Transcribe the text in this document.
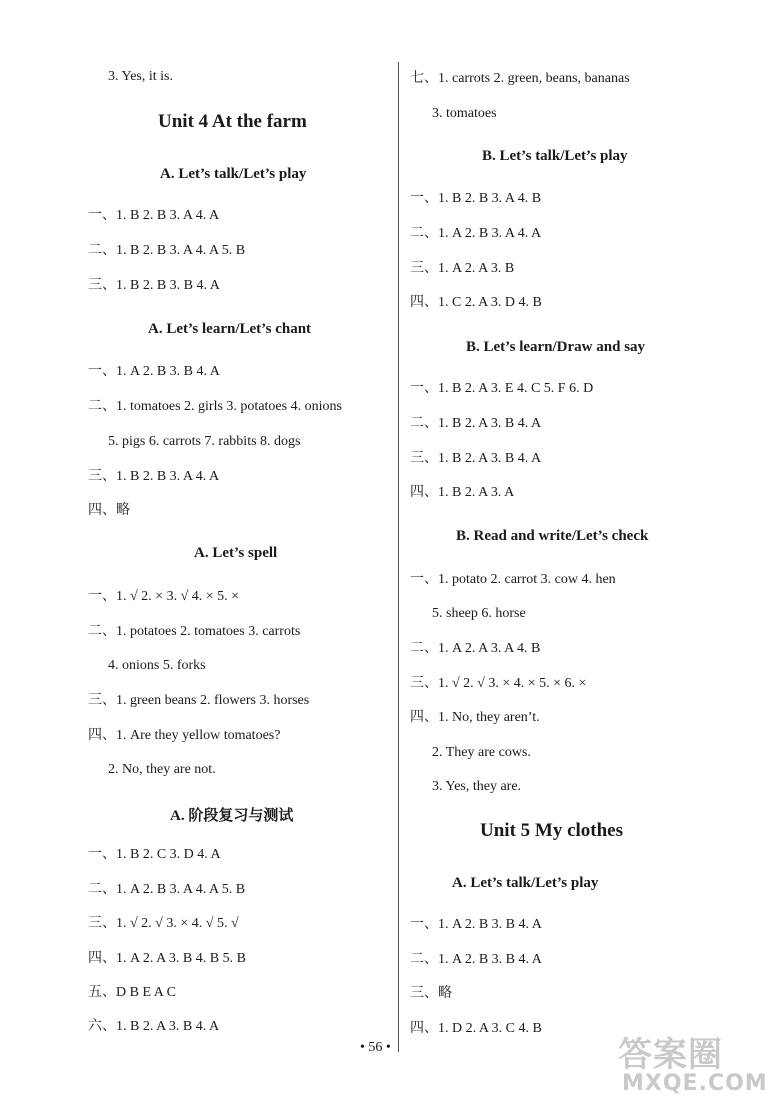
3. Yes, it is.
Unit 4 At the farm
A. Let’s talk/Let’s play
一、1. B 2. B 3. A 4. A
二、1. B 2. B 3. A 4. A 5. B
三、1. B 2. B 3. B 4. A
A. Let’s learn/Let’s chant
一、1. A 2. B 3. B 4. A
二、1. tomatoes 2. girls 3. potatoes 4. onions
5. pigs 6. carrots 7. rabbits 8. dogs
三、1. B 2. B 3. A 4. A
四、略
A. Let’s spell
一、1. √ 2. × 3. √ 4. × 5. ×
二、1. potatoes 2. tomatoes 3. carrots
4. onions 5. forks
三、1. green beans 2. flowers 3. horses
四、1. Are they yellow tomatoes?
2. No, they are not.
A. 阶段复习与测试
一、1. B 2. C 3. D 4. A
二、1. A 2. B 3. A 4. A 5. B
三、1. √ 2. √ 3. × 4. √ 5. √
四、1. A 2. A 3. B 4. B 5. B
五、D B E A C
六、1. B 2. A 3. B 4. A
七、1. carrots 2. green, beans, bananas
3. tomatoes
B. Let’s talk/Let’s play
一、1. B 2. B 3. A 4. B
二、1. A 2. B 3. A 4. A
三、1. A 2. A 3. B
四、1. C 2. A 3. D 4. B
B. Let’s learn/Draw and say
一、1. B 2. A 3. E 4. C 5. F 6. D
二、1. B 2. A 3. B 4. A
三、1. B 2. A 3. B 4. A
四、1. B 2. A 3. A
B. Read and write/Let’s check
一、1. potato 2. carrot 3. cow 4. hen
5. sheep 6. horse
二、1. A 2. A 3. A 4. B
三、1. √ 2. √ 3. × 4. × 5. × 6. ×
四、1. No, they aren’t.
2. They are cows.
3. Yes, they are.
Unit 5 My clothes
A. Let’s talk/Let’s play
一、1. A 2. B 3. B 4. A
二、1. A 2. B 3. B 4. A
三、略
四、1. D 2. A 3. C 4. B
• 56 •	答案圈
MXQE.COM
